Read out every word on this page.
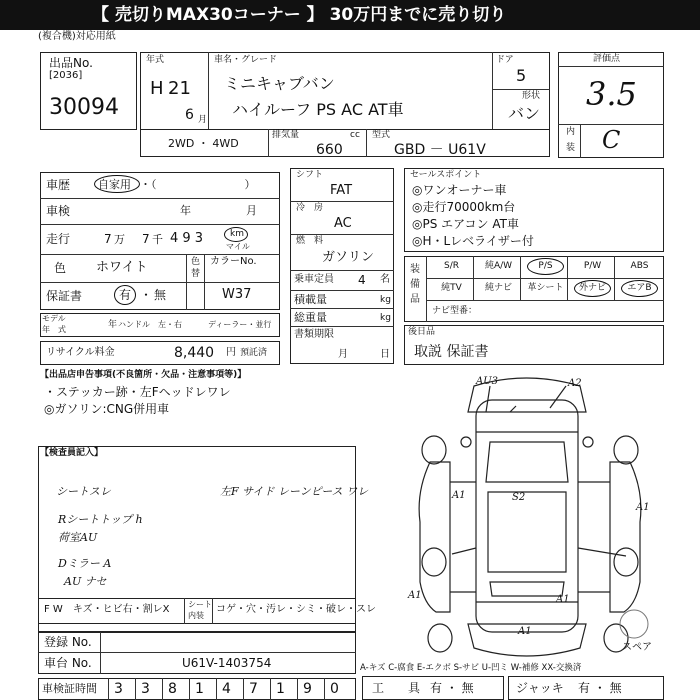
【 売切りMAX30コーナー 】 30万円までに売り切り
(複合機)対応用紙
出品No.
[2036]
30094
年式
H 21
6 月
車名・グレード
ミニキャブバン
ハイルーフ PS AC AT車
ドア
5
形状
バン
評価点
3.5
内
装 C
2WD ・ 4WD
排気量	cc
660
型式
GBD － U61V
車歴	自家用 ・（　　　　　　　　）
車検	年	月
走行	7 万 7 千 4 9 3	km
マイル
色 ホワイト	色
替
カラーNo.
W37
保証書	有 ・ 無
モデル
年　式	年 ハンドル　左・右	ディーラー・並行
リサイクル料金	8,440 円 預託済
シフト
FAT
冷　房
AC
燃　料
ガソリン
乗車定員 4 名
積載量	kg
総重量	kg
書類期限
月	日
セールスポイント
◎ワンオーナー車
◎走行70000km台
◎PS エアコン AT車
◎H・Lレベライザー付
装　備　品
S/R	純A/W	P/S	P/W	ABS
純TV	純ナビ	革シート	外ナビ	エアB
ナビ型番：
後日品
取説 保証書
【出品店申告事項(不良箇所・欠品・注意事項等)】
・ステッカー跡・左Fヘッドレワレ
◎ガソリン:CNG併用車
【検査員記入】
シートスレ
Rシートトップ h
荷室AU
Dミラー A
AU ナセ
左F サイド レーンピース ワレ
F W　キズ・ヒビ右・割レX シート
内装
コゲ・穴・汚レ・シミ・破レ・スレ
登録 No.
車台 No.	U61V-1403754
車検証時間 3 3 8 1 4 7 1 9 0
A-キズ C-腐食 E-エクボ S-サビ U-凹ミ W-補修 XX-交換済
工　　具 有 ・ 無	ジャッキ 有 ・ 無
AU3	A2
S2
A1
A1
A1	A1
A1
スペア
